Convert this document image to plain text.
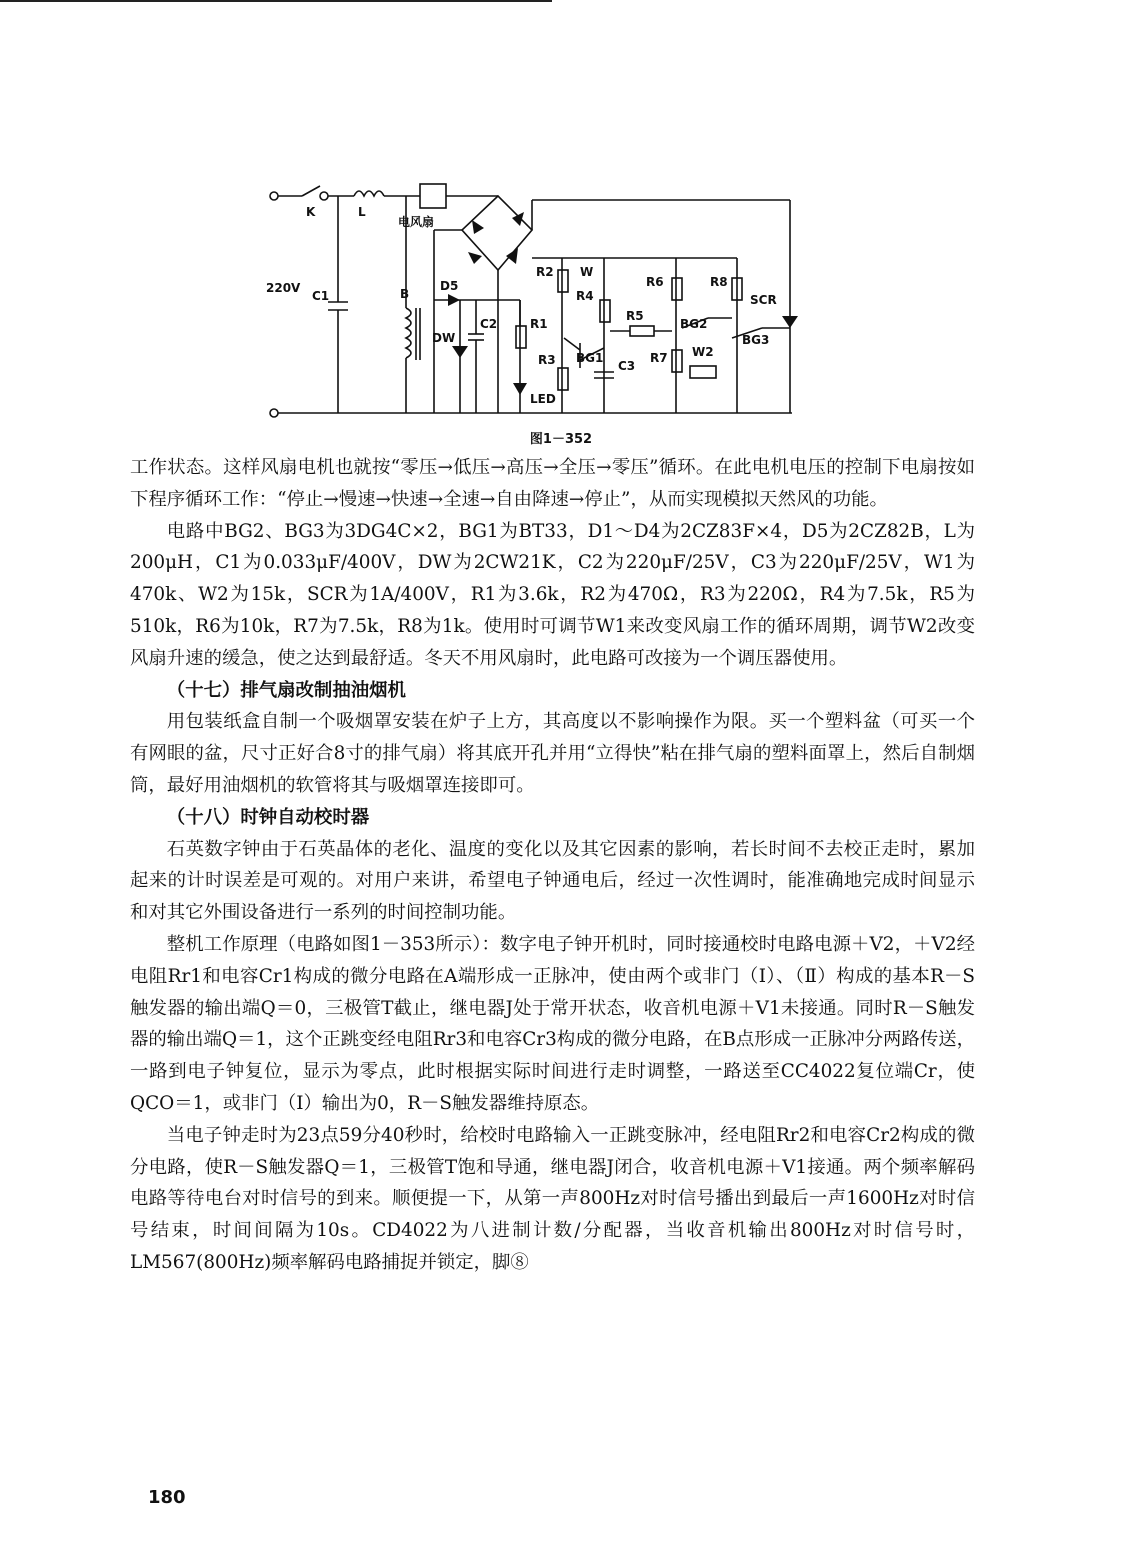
K	L
220V
C1
电风扇
B
D5
DW
C2	R1
LED
R2 W
R4
R3 BG1
C3
R5
R6
BG2
R7 W2
R8
SCR
BG3
图1－352

工作状态。这样风扇电机也就按“零压→低压→高压→全压→零压”循环。在此电机电压的控制下电扇按如下程序循环工作：“停止→慢速→快速→全速→自由降速→停止”，从而实现模拟天然风的功能。

电路中BG2、BG3为3DG4C×2，BG1为BT33，D1～D4为2CZ83F×4，D5为2CZ82B，L为200μH，C1为0.033μF/400V，DW为2CW21K，C2为220μF/25V，C3为220μF/25V，W1为470k、W2为15k，SCR为1A/400V，R1为3.6k，R2为470Ω，R3为220Ω，R4为7.5k，R5为510k，R6为10k，R7为7.5k，R8为1k。使用时可调节W1来改变风扇工作的循环周期，调节W2改变风扇升速的缓急，使之达到最舒适。冬天不用风扇时，此电路可改接为一个调压器使用。

（十七）排气扇改制抽油烟机

用包装纸盒自制一个吸烟罩安装在炉子上方，其高度以不影响操作为限。买一个塑料盆（可买一个有网眼的盆，尺寸正好合8寸的排气扇）将其底开孔并用“立得快”粘在排气扇的塑料面罩上，然后自制烟筒，最好用油烟机的软管将其与吸烟罩连接即可。

（十八）时钟自动校时器

石英数字钟由于石英晶体的老化、温度的变化以及其它因素的影响，若长时间不去校正走时，累加起来的计时误差是可观的。对用户来讲，希望电子钟通电后，经过一次性调时，能准确地完成时间显示和对其它外围设备进行一系列的时间控制功能。

整机工作原理（电路如图1－353所示）：数字电子钟开机时，同时接通校时电路电源＋V2，＋V2经电阻Rr1和电容Cr1构成的微分电路在A端形成一正脉冲，使由两个或非门（Ⅰ）、（Ⅱ）构成的基本R－S触发器的输出端Q＝0，三极管T截止，继电器J处于常开状态，收音机电源＋V1未接通。同时R－S触发器的输出端Q＝1，这个正跳变经电阻Rr3和电容Cr3构成的微分电路，在B点形成一正脉冲分两路传送，一路到电子钟复位，显示为零点，此时根据实际时间进行走时调整，一路送至CC4022复位端Cr，使QCO＝1，或非门（Ⅰ）输出为0，R－S触发器维持原态。

当电子钟走时为23点59分40秒时，给校时电路输入一正跳变脉冲，经电阻Rr2和电容Cr2构成的微分电路，使R－S触发器Q＝1，三极管T饱和导通，继电器J闭合，收音机电源＋V1接通。两个频率解码电路等待电台对时信号的到来。顺便提一下，从第一声800Hz对时信号播出到最后一声1600Hz对时信号结束，时间间隔为10s。CD4022为八进制计数/分配器，当收音机输出800Hz对时信号时，LM567(800Hz)频率解码电路捕捉并锁定，脚⑧

180
